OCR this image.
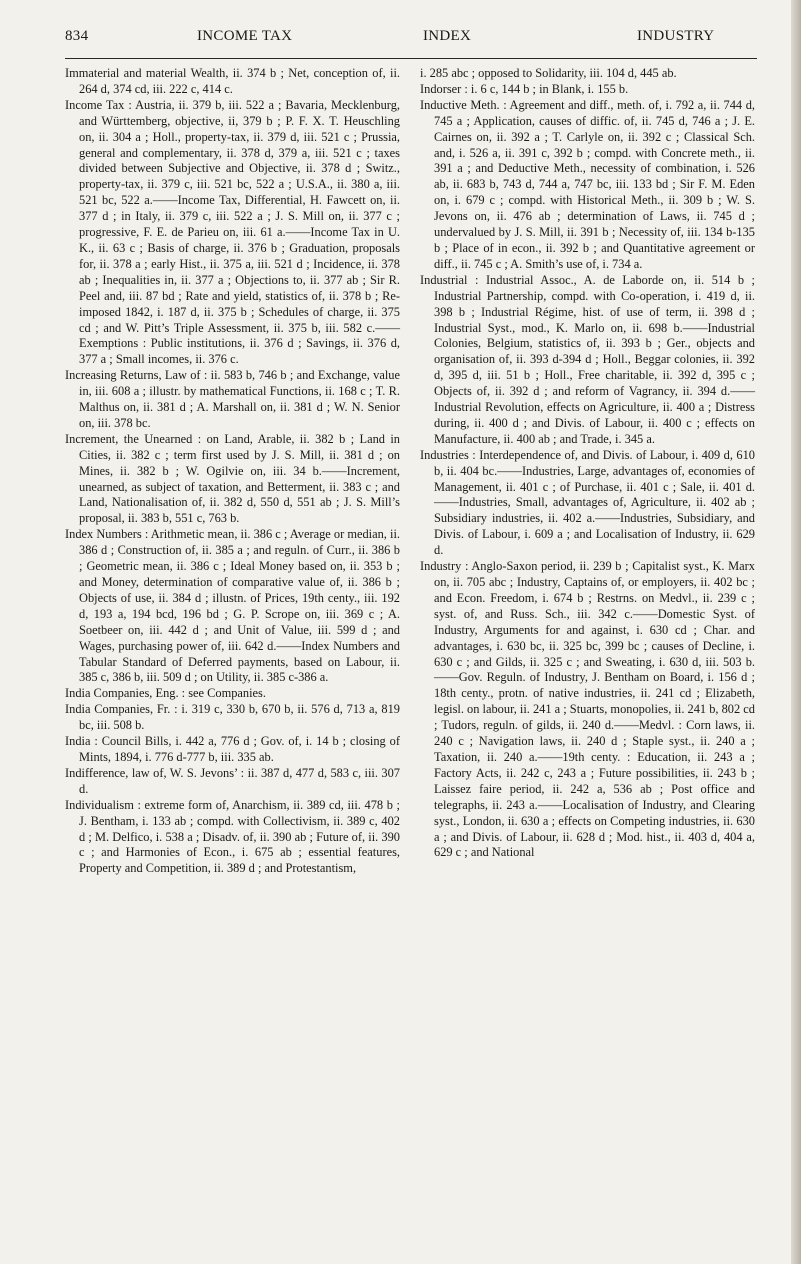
834	INCOME TAX	INDEX	INDUSTRY

Immaterial and material Wealth, ii. 374 b ; Net, conception of, ii. 264 d, 374 cd, iii. 222 c, 414 c.

Income Tax : Austria, ii. 379 b, iii. 522 a ; Bavaria, Mecklenburg, and Württemberg, objective, ii, 379 b ; P. F. X. T. Heuschling on, ii. 304 a ; Holl., property-tax, ii. 379 d, iii. 521 c ; Prussia, general and complementary, ii. 378 d, 379 a, iii. 521 c ; taxes divided between Subjective and Objective, ii. 378 d ; Switz., property-tax, ii. 379 c, iii. 521 bc, 522 a ; U.S.A., ii. 380 a, iii. 521 bc, 522 a.——Income Tax, Differential, H. Fawcett on, ii. 377 d ; in Italy, ii. 379 c, iii. 522 a ; J. S. Mill on, ii. 377 c ; progressive, F. E. de Parieu on, iii. 61 a.——Income Tax in U. K., ii. 63 c ; Basis of charge, ii. 376 b ; Graduation, proposals for, ii. 378 a ; early Hist., ii. 375 a, iii. 521 d ; Incidence, ii. 378 ab ; Inequalities in, ii. 377 a ; Objections to, ii. 377 ab ; Sir R. Peel and, iii. 87 bd ; Rate and yield, statistics of, ii. 378 b ; Re-imposed 1842, i. 187 d, ii. 375 b ; Schedules of charge, ii. 375 cd ; and W. Pitt’s Triple Assessment, ii. 375 b, iii. 582 c.——Exemptions : Public institutions, ii. 376 d ; Savings, ii. 376 d, 377 a ; Small incomes, ii. 376 c.

Increasing Returns, Law of : ii. 583 b, 746 b ; and Exchange, value in, iii. 608 a ; illustr. by mathematical Functions, ii. 168 c ; T. R. Malthus on, ii. 381 d ; A. Marshall on, ii. 381 d ; W. N. Senior on, iii. 378 bc.

Increment, the Unearned : on Land, Arable, ii. 382 b ; Land in Cities, ii. 382 c ; term first used by J. S. Mill, ii. 381 d ; on Mines, ii. 382 b ; W. Ogilvie on, iii. 34 b.——Increment, unearned, as subject of taxation, and Betterment, ii. 383 c ; and Land, Nationalisation of, ii. 382 d, 550 d, 551 ab ; J. S. Mill’s proposal, ii. 383 b, 551 c, 763 b.

Index Numbers : Arithmetic mean, ii. 386 c ; Average or median, ii. 386 d ; Construction of, ii. 385 a ; and reguln. of Curr., ii. 386 b ; Geometric mean, ii. 386 c ; Ideal Money based on, ii. 353 b ; and Money, determination of comparative value of, ii. 386 b ; Objects of use, ii. 384 d ; illustn. of Prices, 19th centy., iii. 192 d, 193 a, 194 bcd, 196 bd ; G. P. Scrope on, iii. 369 c ; A. Soetbeer on, iii. 442 d ; and Unit of Value, iii. 599 d ; and Wages, purchasing power of, iii. 642 d.——Index Numbers and Tabular Standard of Deferred payments, based on Labour, ii. 385 c, 386 b, iii. 509 d ; on Utility, ii. 385 c-386 a.

India Companies, Eng. : see Companies.

India Companies, Fr. : i. 319 c, 330 b, 670 b, ii. 576 d, 713 a, 819 bc, iii. 508 b.

India : Council Bills, i. 442 a, 776 d ; Gov. of, i. 14 b ; closing of Mints, 1894, i. 776 d-777 b, iii. 335 ab.

Indifference, law of, W. S. Jevons’ : ii. 387 d, 477 d, 583 c, iii. 307 d.

Individualism : extreme form of, Anarchism, ii. 389 cd, iii. 478 b ; J. Bentham, i. 133 ab ; compd. with Collectivism, ii. 389 c, 402 d ; M. Delfico, i. 538 a ; Disadv. of, ii. 390 ab ; Future of, ii. 390 c ; and Harmonies of Econ., i. 675 ab ; essential features, Property and Competition, ii. 389 d ; and Protestantism,

i. 285 abc ; opposed to Solidarity, iii. 104 d, 445 ab.

Indorser : i. 6 c, 144 b ; in Blank, i. 155 b.

Inductive Meth. : Agreement and diff., meth. of, i. 792 a, ii. 744 d, 745 a ; Application, causes of diffic. of, ii. 745 d, 746 a ; J. E. Cairnes on, ii. 392 a ; T. Carlyle on, ii. 392 c ; Classical Sch. and, i. 526 a, ii. 391 c, 392 b ; compd. with Concrete meth., ii. 391 a ; and Deductive Meth., necessity of combination, i. 526 ab, ii. 683 b, 743 d, 744 a, 747 bc, iii. 133 bd ; Sir F. M. Eden on, i. 679 c ; compd. with Historical Meth., ii. 309 b ; W. S. Jevons on, ii. 476 ab ; determination of Laws, ii. 745 d ; undervalued by J. S. Mill, ii. 391 b ; Necessity of, iii. 134 b-135 b ; Place of in econ., ii. 392 b ; and Quantitative agreement or diff., ii. 745 c ; A. Smith’s use of, i. 734 a.

Industrial : Industrial Assoc., A. de Laborde on, ii. 514 b ; Industrial Partnership, compd. with Co-operation, i. 419 d, ii. 398 b ; Industrial Régime, hist. of use of term, ii. 398 d ; Industrial Syst., mod., K. Marlo on, ii. 698 b.——Industrial Colonies, Belgium, statistics of, ii. 393 b ; Ger., objects and organisation of, ii. 393 d-394 d ; Holl., Beggar colonies, ii. 392 d, 395 d, iii. 51 b ; Holl., Free charitable, ii. 392 d, 395 c ; Objects of, ii. 392 d ; and reform of Vagrancy, ii. 394 d.——Industrial Revolution, effects on Agriculture, ii. 400 a ; Distress during, ii. 400 d ; and Divis. of Labour, ii. 400 c ; effects on Manufacture, ii. 400 ab ; and Trade, i. 345 a.

Industries : Interdependence of, and Divis. of Labour, i. 409 d, 610 b, ii. 404 bc.——Industries, Large, advantages of, economies of Management, ii. 401 c ; of Purchase, ii. 401 c ; Sale, ii. 401 d.——Industries, Small, advantages of, Agriculture, ii. 402 ab ; Subsidiary industries, ii. 402 a.——Industries, Subsidiary, and Divis. of Labour, i. 609 a ; and Localisation of Industry, ii. 629 d.

Industry : Anglo-Saxon period, ii. 239 b ; Capitalist syst., K. Marx on, ii. 705 abc ; Industry, Captains of, or employers, ii. 402 bc ; and Econ. Freedom, i. 674 b ; Restrns. on Medvl., ii. 239 c ; syst. of, and Russ. Sch., iii. 342 c.——Domestic Syst. of Industry, Arguments for and against, i. 630 cd ; Char. and advantages, i. 630 bc, ii. 325 bc, 399 bc ; causes of Decline, i. 630 c ; and Gilds, ii. 325 c ; and Sweating, i. 630 d, iii. 503 b.——Gov. Reguln. of Industry, J. Bentham on Board, i. 156 d ; 18th centy., protn. of native industries, ii. 241 cd ; Elizabeth, legisl. on labour, ii. 241 a ; Stuarts, monopolies, ii. 241 b, 802 cd ; Tudors, reguln. of gilds, ii. 240 d.——Medvl. : Corn laws, ii. 240 c ; Navigation laws, ii. 240 d ; Staple syst., ii. 240 a ; Taxation, ii. 240 a.——19th centy. : Education, ii. 243 a ; Factory Acts, ii. 242 c, 243 a ; Future possibilities, ii. 243 b ; Laissez faire period, ii. 242 a, 536 ab ; Post office and telegraphs, ii. 243 a.——Localisation of Industry, and Clearing syst., London, ii. 630 a ; effects on Competing industries, ii. 630 a ; and Divis. of Labour, ii. 628 d ; Mod. hist., ii. 403 d, 404 a, 629 c ; and National
